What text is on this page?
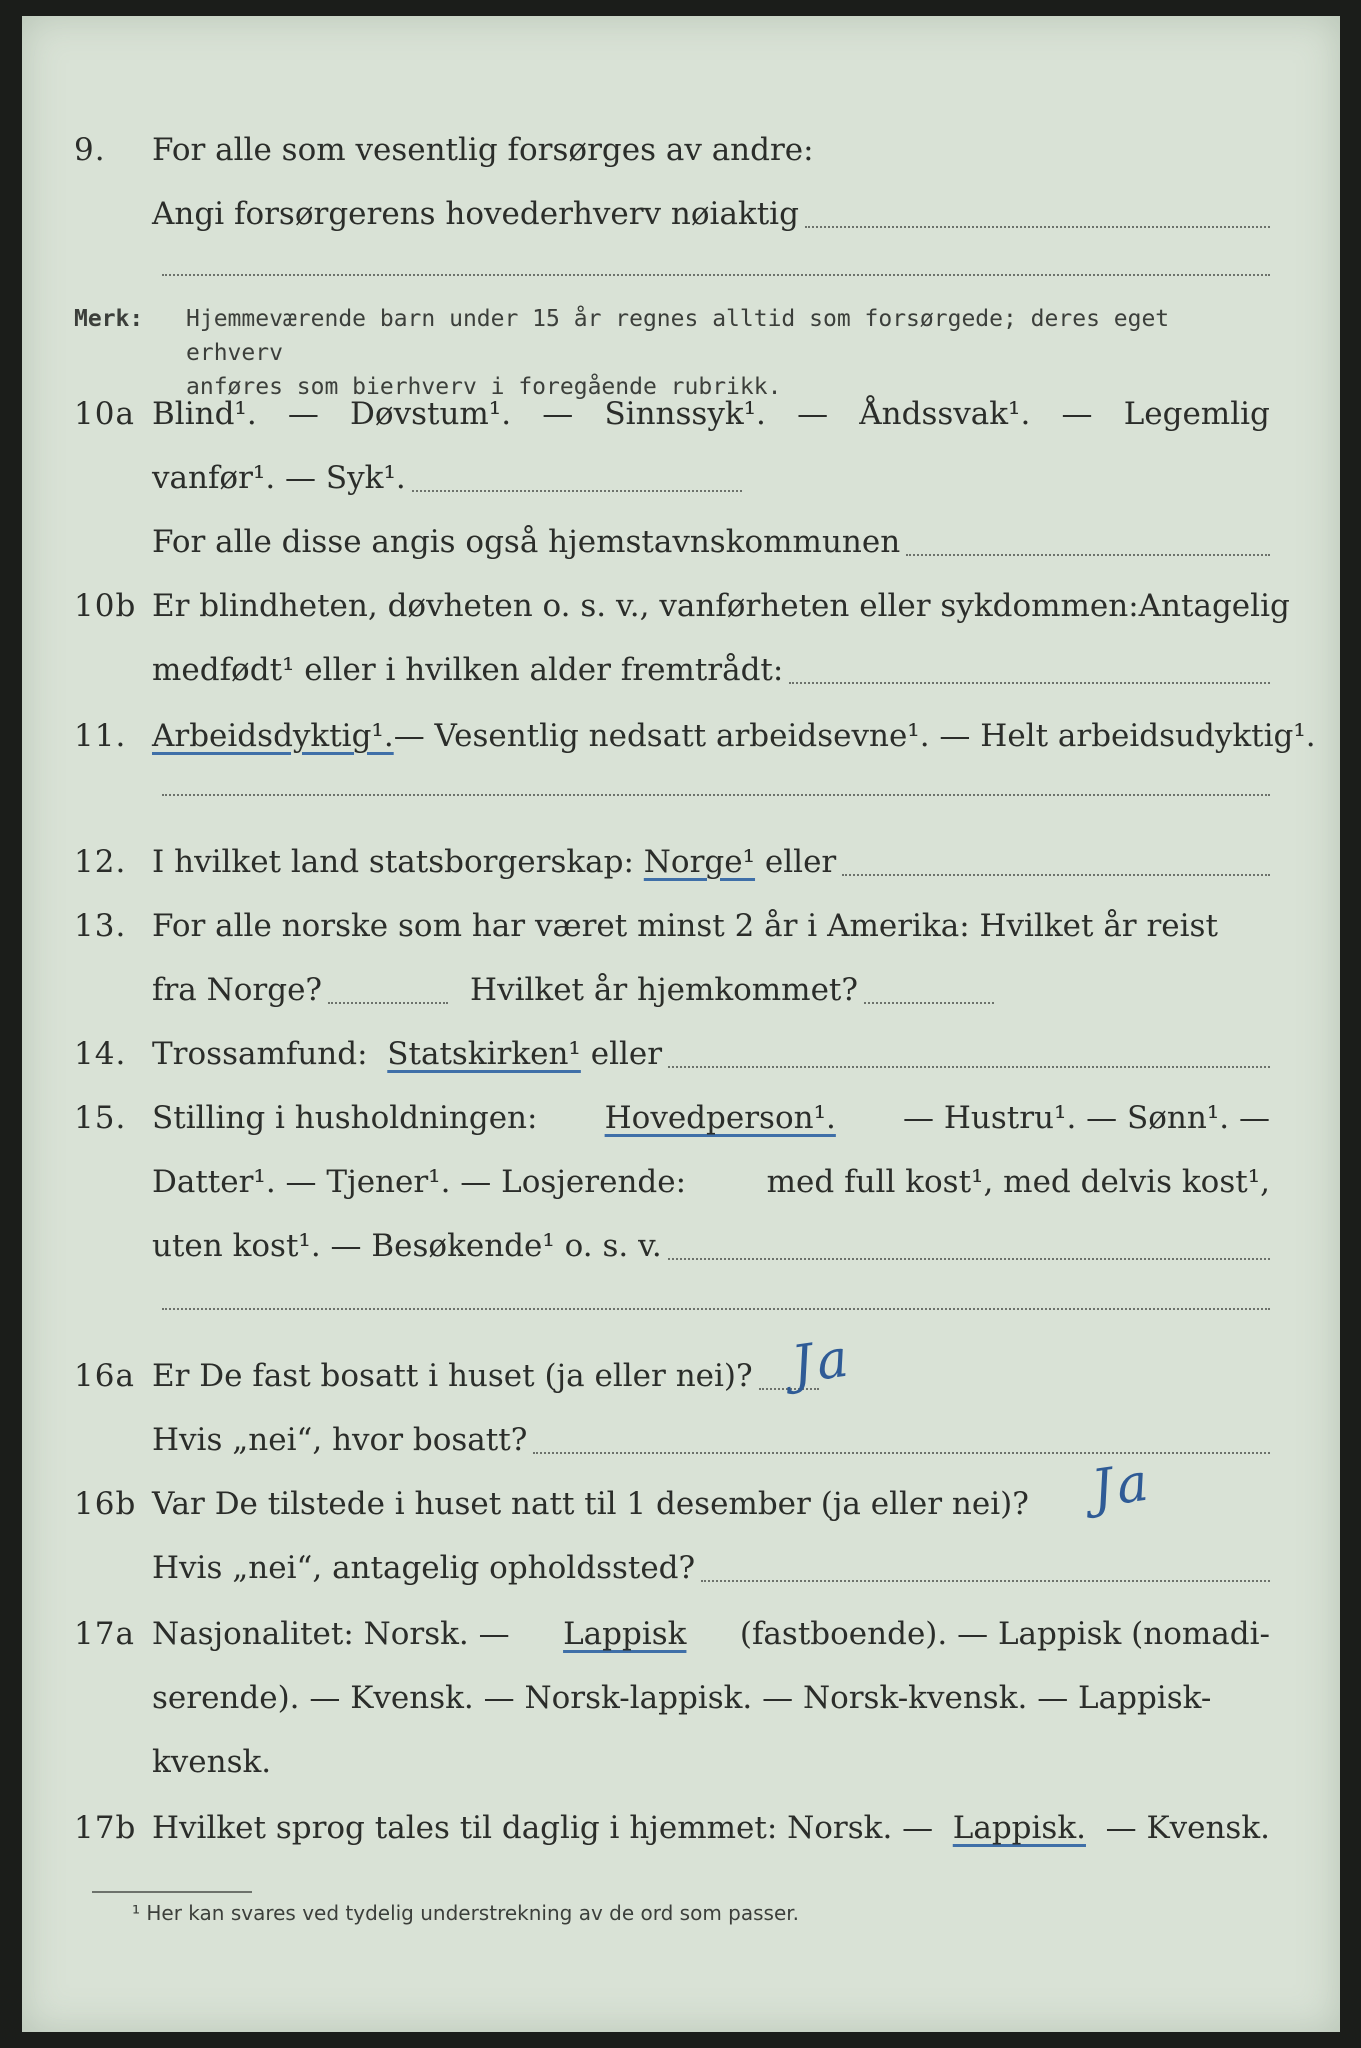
9. For alle som vesentlig forsørges av andre:
Angi forsørgerens hovederhverv nøiaktig
Merk: Hjemmeværende barn under 15 år regnes alltid som forsørgede; deres eget erhverv
anføres som bierhverv i foregående rubrikk.
10a Blind¹. — Døvstum¹. — Sinnssyk¹. — Åndssvak¹. — Legemlig
vanfør¹. — Syk¹.
For alle disse angis også hjemstavnskommunen
10b Er blindheten, døvheten o. s. v., vanførheten eller sykdommen: Antagelig
medfødt¹ eller i hvilken alder fremtrådt:
11. Arbeidsdyktig¹. — Vesentlig nedsatt arbeidsevne¹. — Helt arbeidsudyktig¹.
12. I hvilket land statsborgerskap:
Norge¹
eller
13. For alle norske som har været minst 2 år i Amerika: Hvilket år reist
fra Norge?	Hvilket år hjemkommet?
14. Trossamfund:
Statskirken¹
eller
15. Stilling i husholdningen: Hovedperson¹. — Hustru¹. — Sønn¹. —
Datter¹. — Tjener¹. — Losjerende:	med full kost¹, med delvis kost¹,
uten kost¹. — Besøkende¹ o. s. v.
16a Er De fast bosatt i huset (ja eller nei)? Ja
Hvis „nei“, hvor bosatt?
16b Var De tilstede i huset natt til 1 desember (ja eller nei)?	Ja
Hvis „nei“, antagelig opholdssted?
17a Nasjonalitet: Norsk. — Lappisk (fastboende). — Lappisk (nomadi-
serende). — Kvensk. — Norsk-lappisk. — Norsk-kvensk. — Lappisk-
kvensk.
17b Hvilket sprog tales til daglig i hjemmet: Norsk. — Lappisk. — Kvensk.
¹ Her kan svares ved tydelig understrekning av de ord som passer.
